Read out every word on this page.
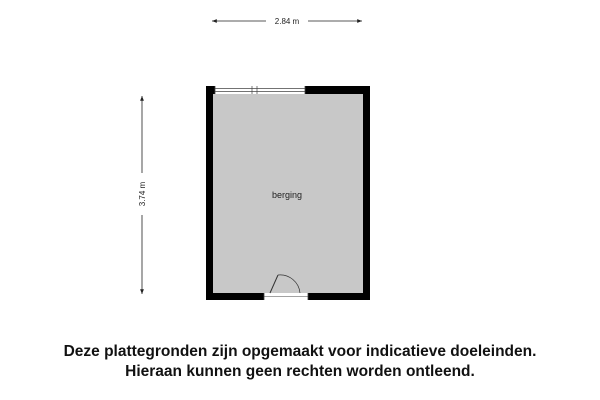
2.84 m
3.74 m	berging
Deze plattegronden zijn opgemaakt voor indicatieve doeleinden.
Hieraan kunnen geen rechten worden ontleend.
